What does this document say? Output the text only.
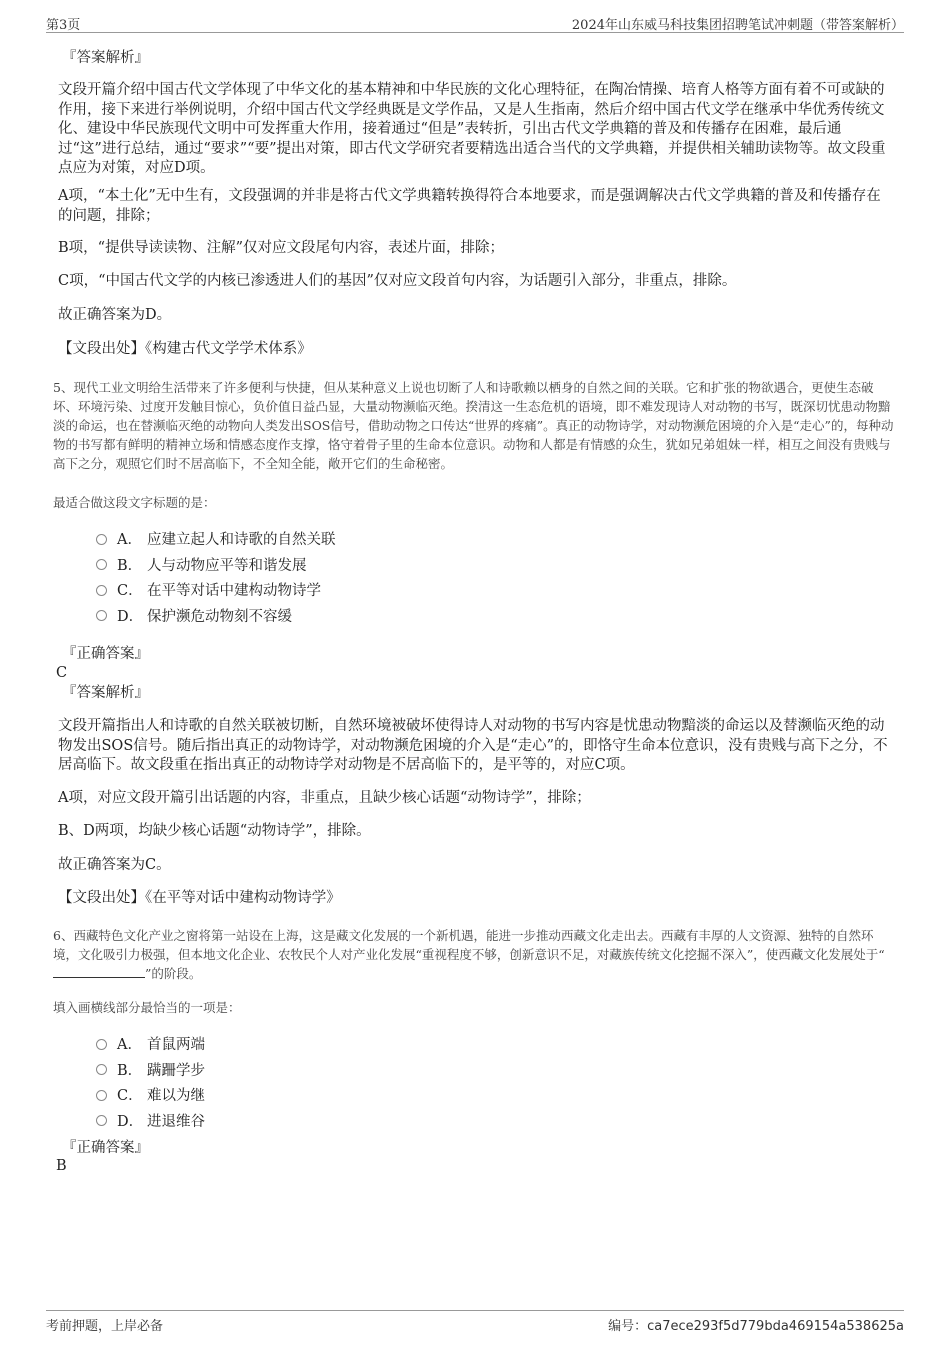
第3页	2024年山东威马科技集团招聘笔试冲刺题（带答案解析）
『答案解析』
文段开篇介绍中国古代文学体现了中华文化的基本精神和中华民族的文化心理特征，在陶冶情操、培育人格等方面有着不可或缺的作用，接下来进行举例说明，介绍中国古代文学经典既是文学作品，又是人生指南，然后介绍中国古代文学在继承中华优秀传统文化、建设中华民族现代文明中可发挥重大作用，接着通过“但是”表转折，引出古代文学典籍的普及和传播存在困难，最后通过“这”进行总结，通过“要求”“要”提出对策，即古代文学研究者要精选出适合当代的文学典籍，并提供相关辅助读物等。故文段重点应为对策，对应D项。
A项，“本土化”无中生有，文段强调的并非是将古代文学典籍转换得符合本地要求，而是强调解决古代文学典籍的普及和传播存在的问题，排除；
B项，“提供导读读物、注解”仅对应文段尾句内容，表述片面，排除；
C项，“中国古代文学的内核已渗透进人们的基因”仅对应文段首句内容，为话题引入部分，非重点，排除。
故正确答案为D。
【文段出处】《构建古代文学学术体系》
5、现代工业文明给生活带来了许多便利与快捷，但从某种意义上说也切断了人和诗歌赖以栖身的自然之间的关联。它和扩张的物欲遇合，更使生态破坏、环境污染、过度开发触目惊心，负价值日益凸显，大量动物濒临灭绝。揆清这一生态危机的语境，即不难发现诗人对动物的书写，既深切忧患动物黯淡的命运，也在替濒临灭绝的动物向人类发出SOS信号，借助动物之口传达“世界的疼痛”。真正的动物诗学，对动物濒危困境的介入是“走心”的，每种动物的书写都有鲜明的精神立场和情感态度作支撑，恪守着骨子里的生命本位意识。动物和人都是有情感的众生，犹如兄弟姐妹一样，相互之间没有贵贱与高下之分，观照它们时不居高临下，不全知全能，敞开它们的生命秘密。
最适合做这段文字标题的是：
A． 应建立起人和诗歌的自然关联
B． 人与动物应平等和谐发展
C． 在平等对话中建构动物诗学
D． 保护濒危动物刻不容缓
『正确答案』
C
『答案解析』
文段开篇指出人和诗歌的自然关联被切断，自然环境被破坏使得诗人对动物的书写内容是忧患动物黯淡的命运以及替濒临灭绝的动物发出SOS信号。随后指出真正的动物诗学，对动物濒危困境的介入是“走心”的，即恪守生命本位意识，没有贵贱与高下之分，不居高临下。故文段重在指出真正的动物诗学对动物是不居高临下的，是平等的，对应C项。
A项，对应文段开篇引出话题的内容，非重点，且缺少核心话题“动物诗学”，排除；
B、D两项，均缺少核心话题“动物诗学”，排除。
故正确答案为C。
【文段出处】《在平等对话中建构动物诗学》
6、西藏特色文化产业之窗将第一站设在上海，这是藏文化发展的一个新机遇，能进一步推动西藏文化走出去。西藏有丰厚的人文资源、独特的自然环境，文化吸引力极强，但本地文化企业、农牧民个人对产业化发展“重视程度不够，创新意识不足，对藏族传统文化挖掘不深入”，使西藏文化发展处于“”的阶段。
填入画横线部分最恰当的一项是：
A． 首鼠两端
B． 蹒跚学步
C． 难以为继
D． 进退维谷
『正确答案』
B
考前押题，上岸必备	编号：ca7ece293f5d779bda469154a538625a
